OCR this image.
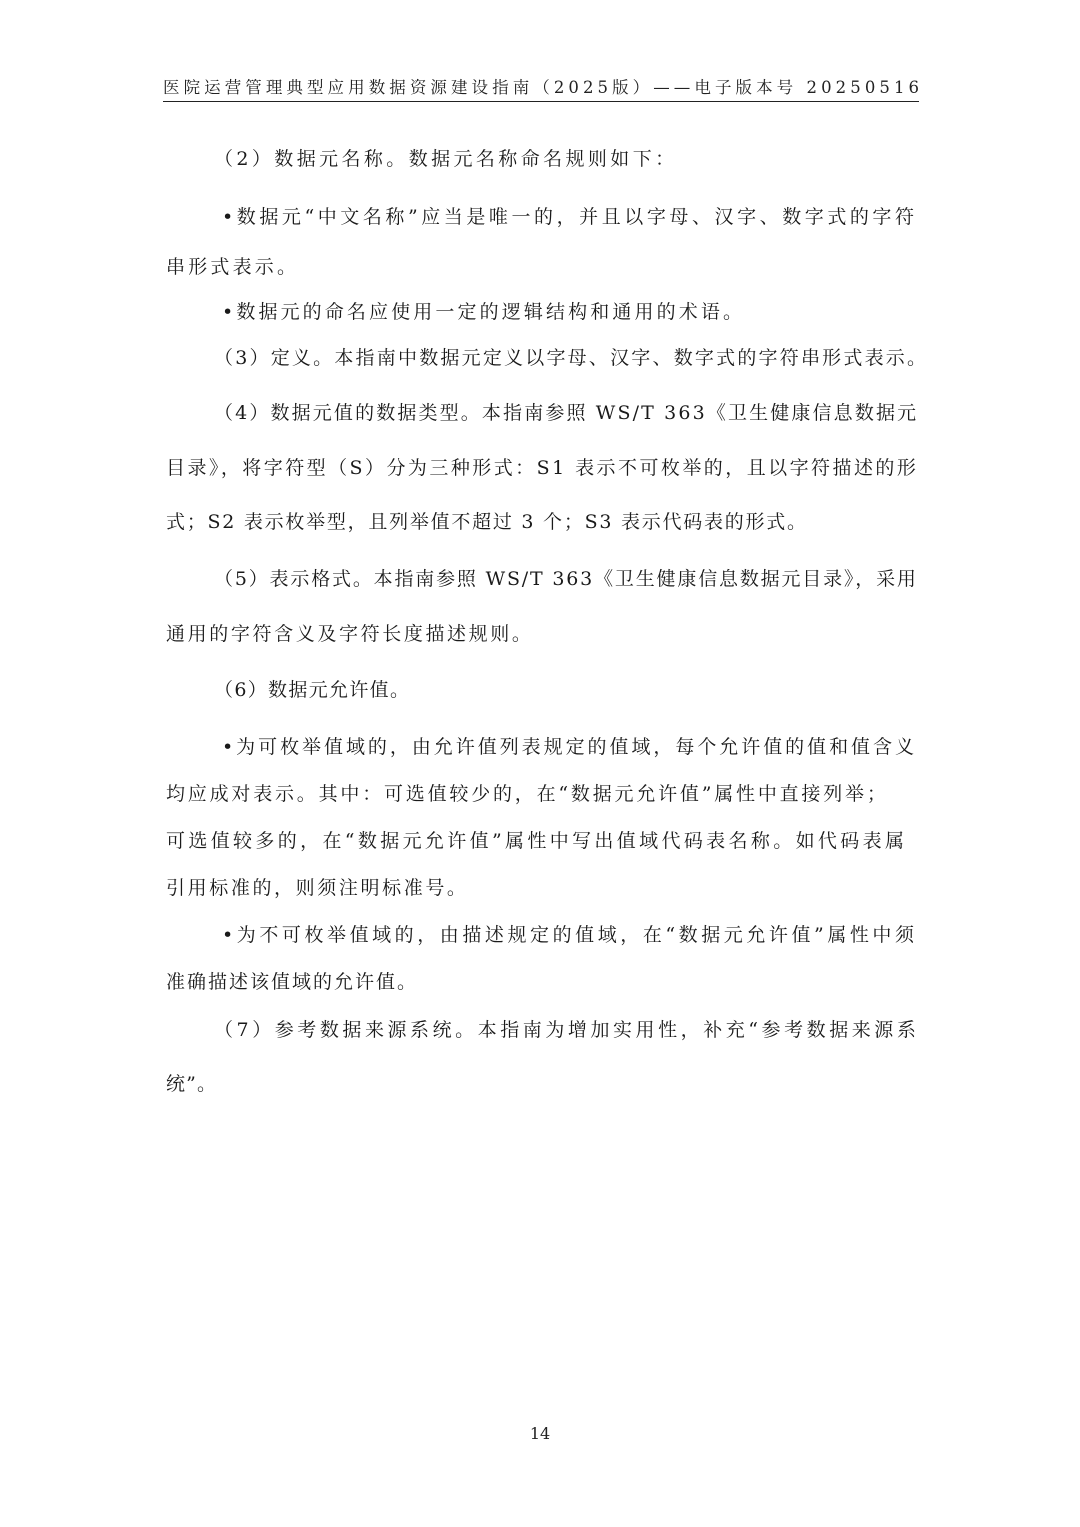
医院运营管理典型应用数据资源建设指南（2025版）——电子版本号 20250516
（2）数据元名称。数据元名称命名规则如下：
•数据元“中文名称”应当是唯一的，并且以字母、汉字、数字式的字符
串形式表示。
•数据元的命名应使用一定的逻辑结构和通用的术语。
（3）定义。本指南中数据元定义以字母、汉字、数字式的字符串形式表示。
（4）数据元值的数据类型。本指南参照 WS/T 363《卫生健康信息数据元
目录》，将字符型（S）分为三种形式：S1 表示不可枚举的，且以字符描述的形
式；S2 表示枚举型，且列举值不超过 3 个；S3 表示代码表的形式。
（5）表示格式。本指南参照 WS/T 363《卫生健康信息数据元目录》，采用
通用的字符含义及字符长度描述规则。
（6）数据元允许值。
•为可枚举值域的，由允许值列表规定的值域，每个允许值的值和值含义
均应成对表示。其中：可选值较少的，在“数据元允许值”属性中直接列举；
可选值较多的，在“数据元允许值”属性中写出值域代码表名称。如代码表属
引用标准的，则须注明标准号。
•为不可枚举值域的，由描述规定的值域，在“数据元允许值”属性中须
准确描述该值域的允许值。
（7）参考数据来源系统。本指南为增加实用性，补充“参考数据来源系
统”。
14
